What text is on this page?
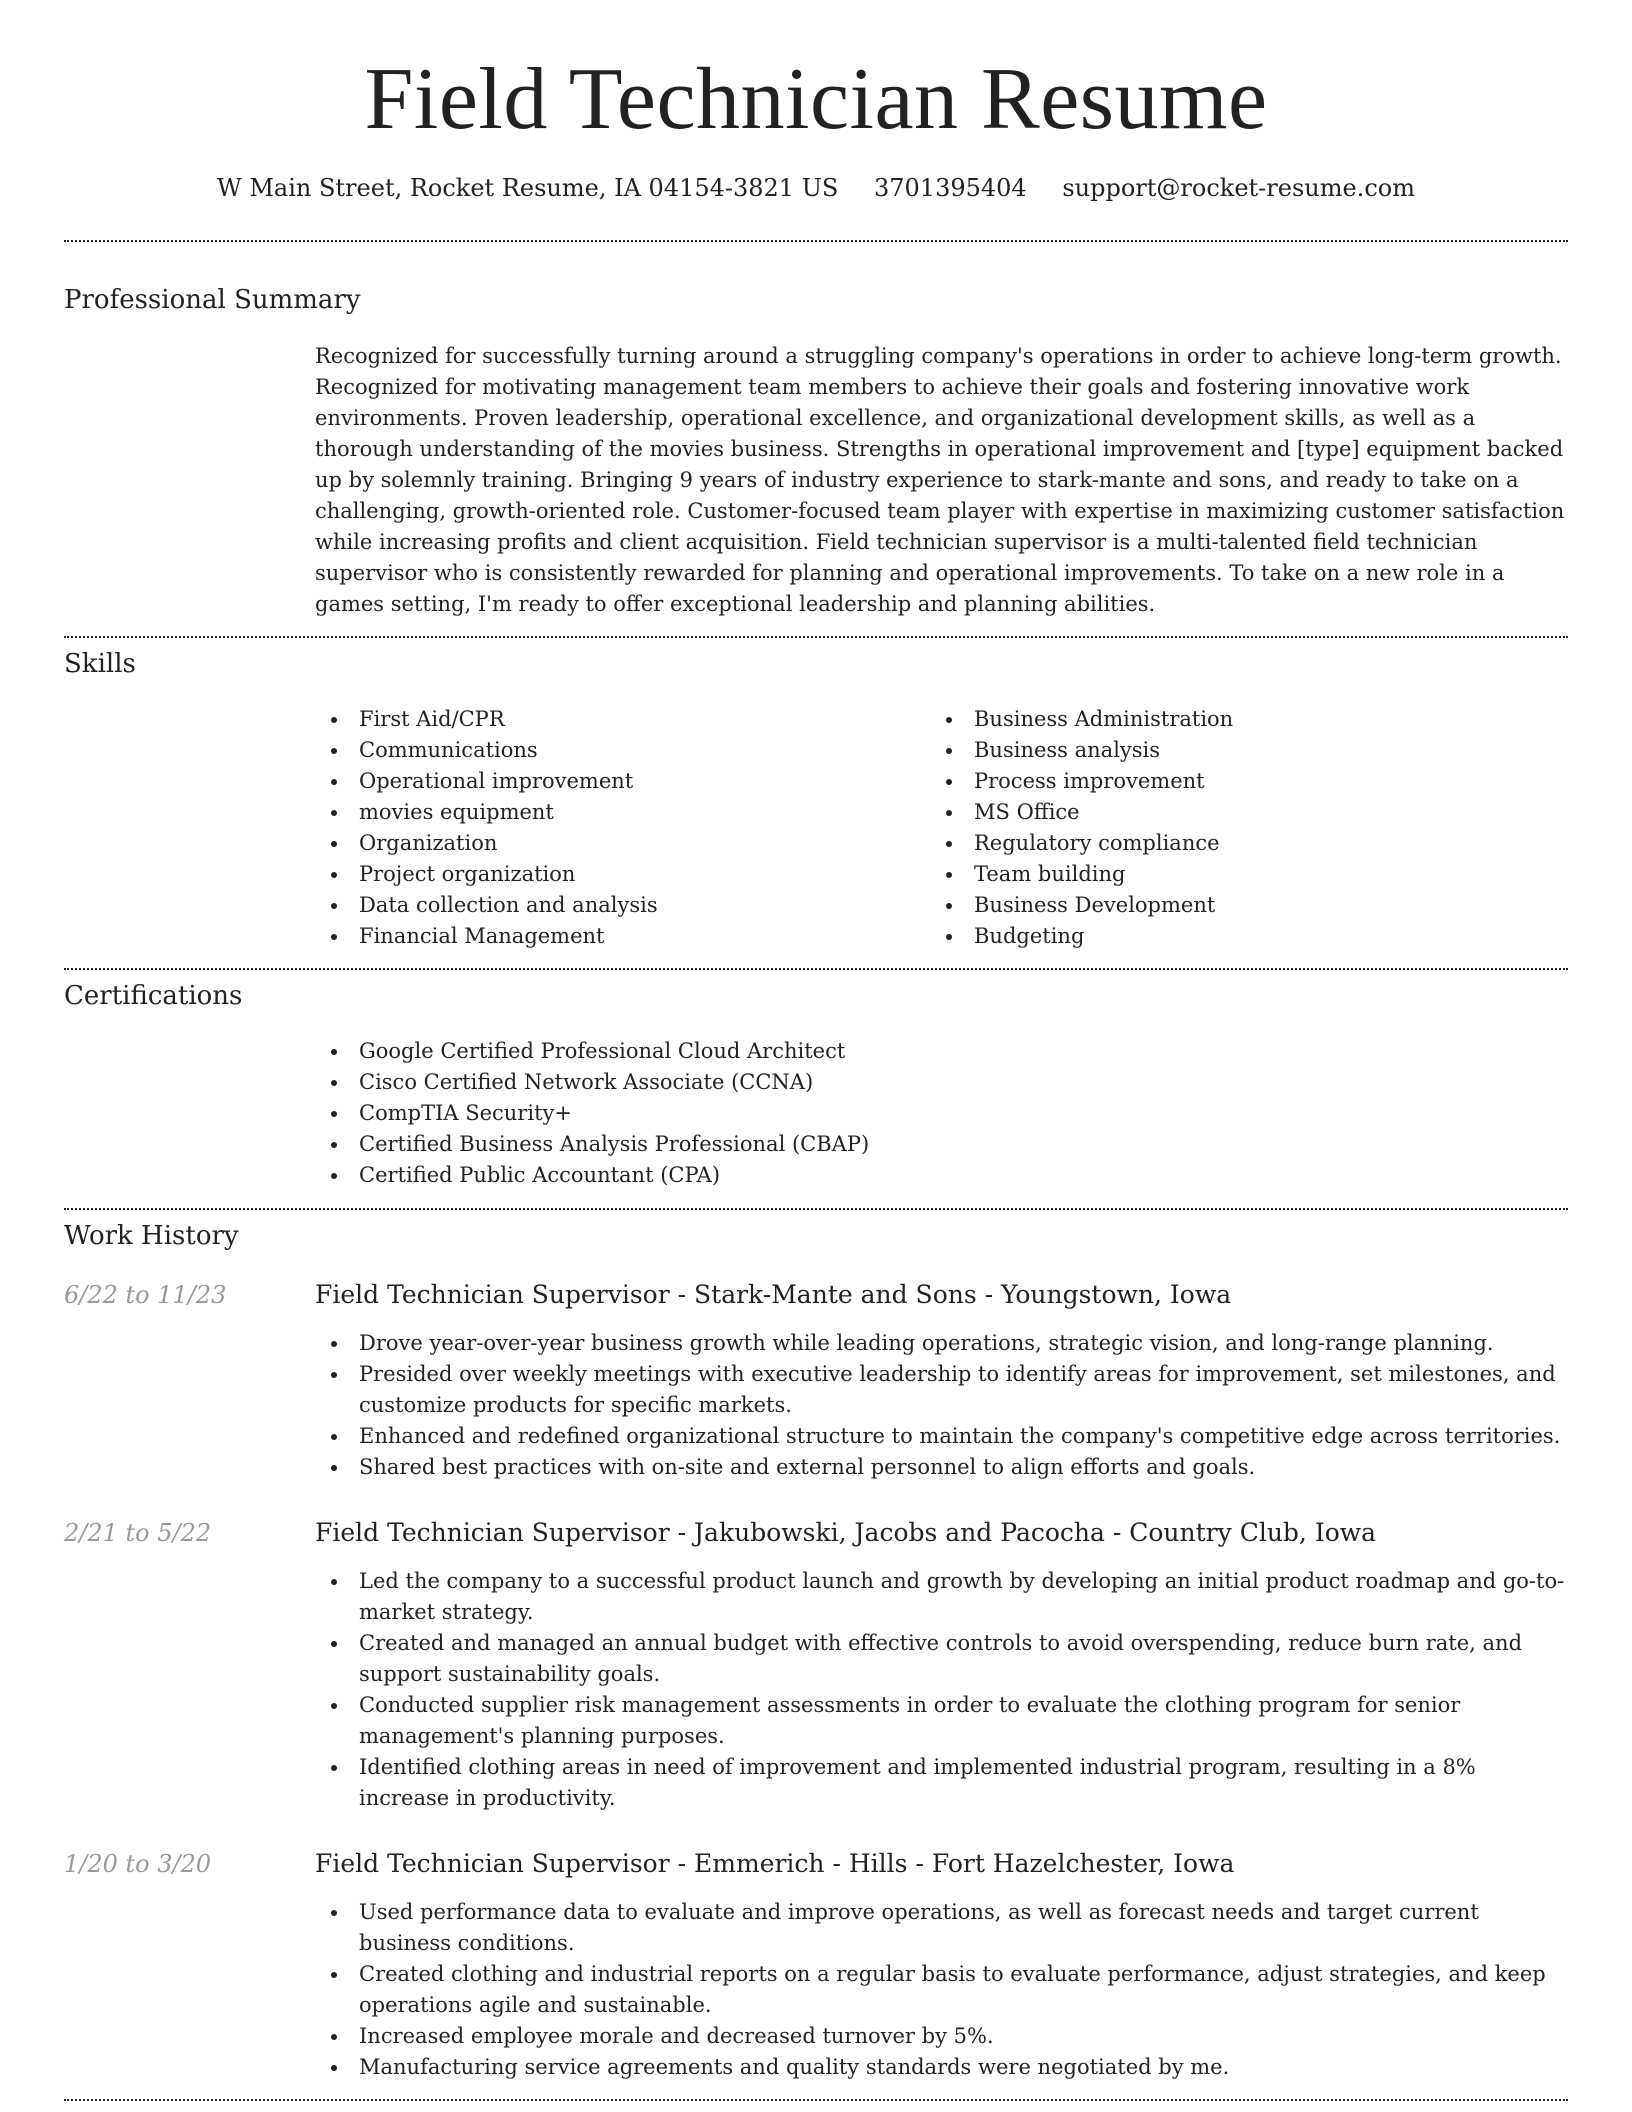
Field Technician Resume
W Main Street, Rocket Resume, IA 04154-3821 US 3701395404 support@rocket-resume.com
Professional Summary

Recognized for successfully turning around a struggling company's operations in order to achieve long-term growth. Recognized for motivating management team members to achieve their goals and fostering innovative work environments. Proven leadership, operational excellence, and organizational development skills, as well as a thorough understanding of the movies business. Strengths in operational improvement and [type] equipment backed up by solemnly training. Bringing 9 years of industry experience to stark-mante and sons, and ready to take on a challenging, growth-oriented role. Customer-focused team player with expertise in maximizing customer satisfaction while increasing profits and client acquisition. Field technician supervisor is a multi-talented field technician supervisor who is consistently rewarded for planning and operational improvements. To take on a new role in a games setting, I'm ready to offer exceptional leadership and planning abilities.

Skills
First Aid/CPR
Communications
Operational improvement
movies equipment
Organization
Project organization
Data collection and analysis
Financial Management
Business Administration
Business analysis
Process improvement
MS Office
Regulatory compliance
Team building
Business Development
Budgeting
Certifications
Google Certified Professional Cloud Architect
Cisco Certified Network Associate (CCNA)
CompTIA Security+
Certified Business Analysis Professional (CBAP)
Certified Public Accountant (CPA)
Work History
6/22 to 11/23	Field Technician Supervisor - Stark-Mante and Sons - Youngstown, Iowa
Drove year-over-year business growth while leading operations, strategic vision, and long-range planning.
Presided over weekly meetings with executive leadership to identify areas for improvement, set milestones, and customize products for specific markets.
Enhanced and redefined organizational structure to maintain the company's competitive edge across territories.
Shared best practices with on-site and external personnel to align efforts and goals.
2/21 to 5/22	Field Technician Supervisor - Jakubowski, Jacobs and Pacocha - Country Club, Iowa
Led the company to a successful product launch and growth by developing an initial product roadmap and go-to-market strategy.
Created and managed an annual budget with effective controls to avoid overspending, reduce burn rate, and support sustainability goals.
Conducted supplier risk management assessments in order to evaluate the clothing program for senior management's planning purposes.
Identified clothing areas in need of improvement and implemented industrial program, resulting in a 8% increase in productivity.
1/20 to 3/20	Field Technician Supervisor - Emmerich - Hills - Fort Hazelchester, Iowa
Used performance data to evaluate and improve operations, as well as forecast needs and target current business conditions.
Created clothing and industrial reports on a regular basis to evaluate performance, adjust strategies, and keep operations agile and sustainable.
Increased employee morale and decreased turnover by 5%.
Manufacturing service agreements and quality standards were negotiated by me.
